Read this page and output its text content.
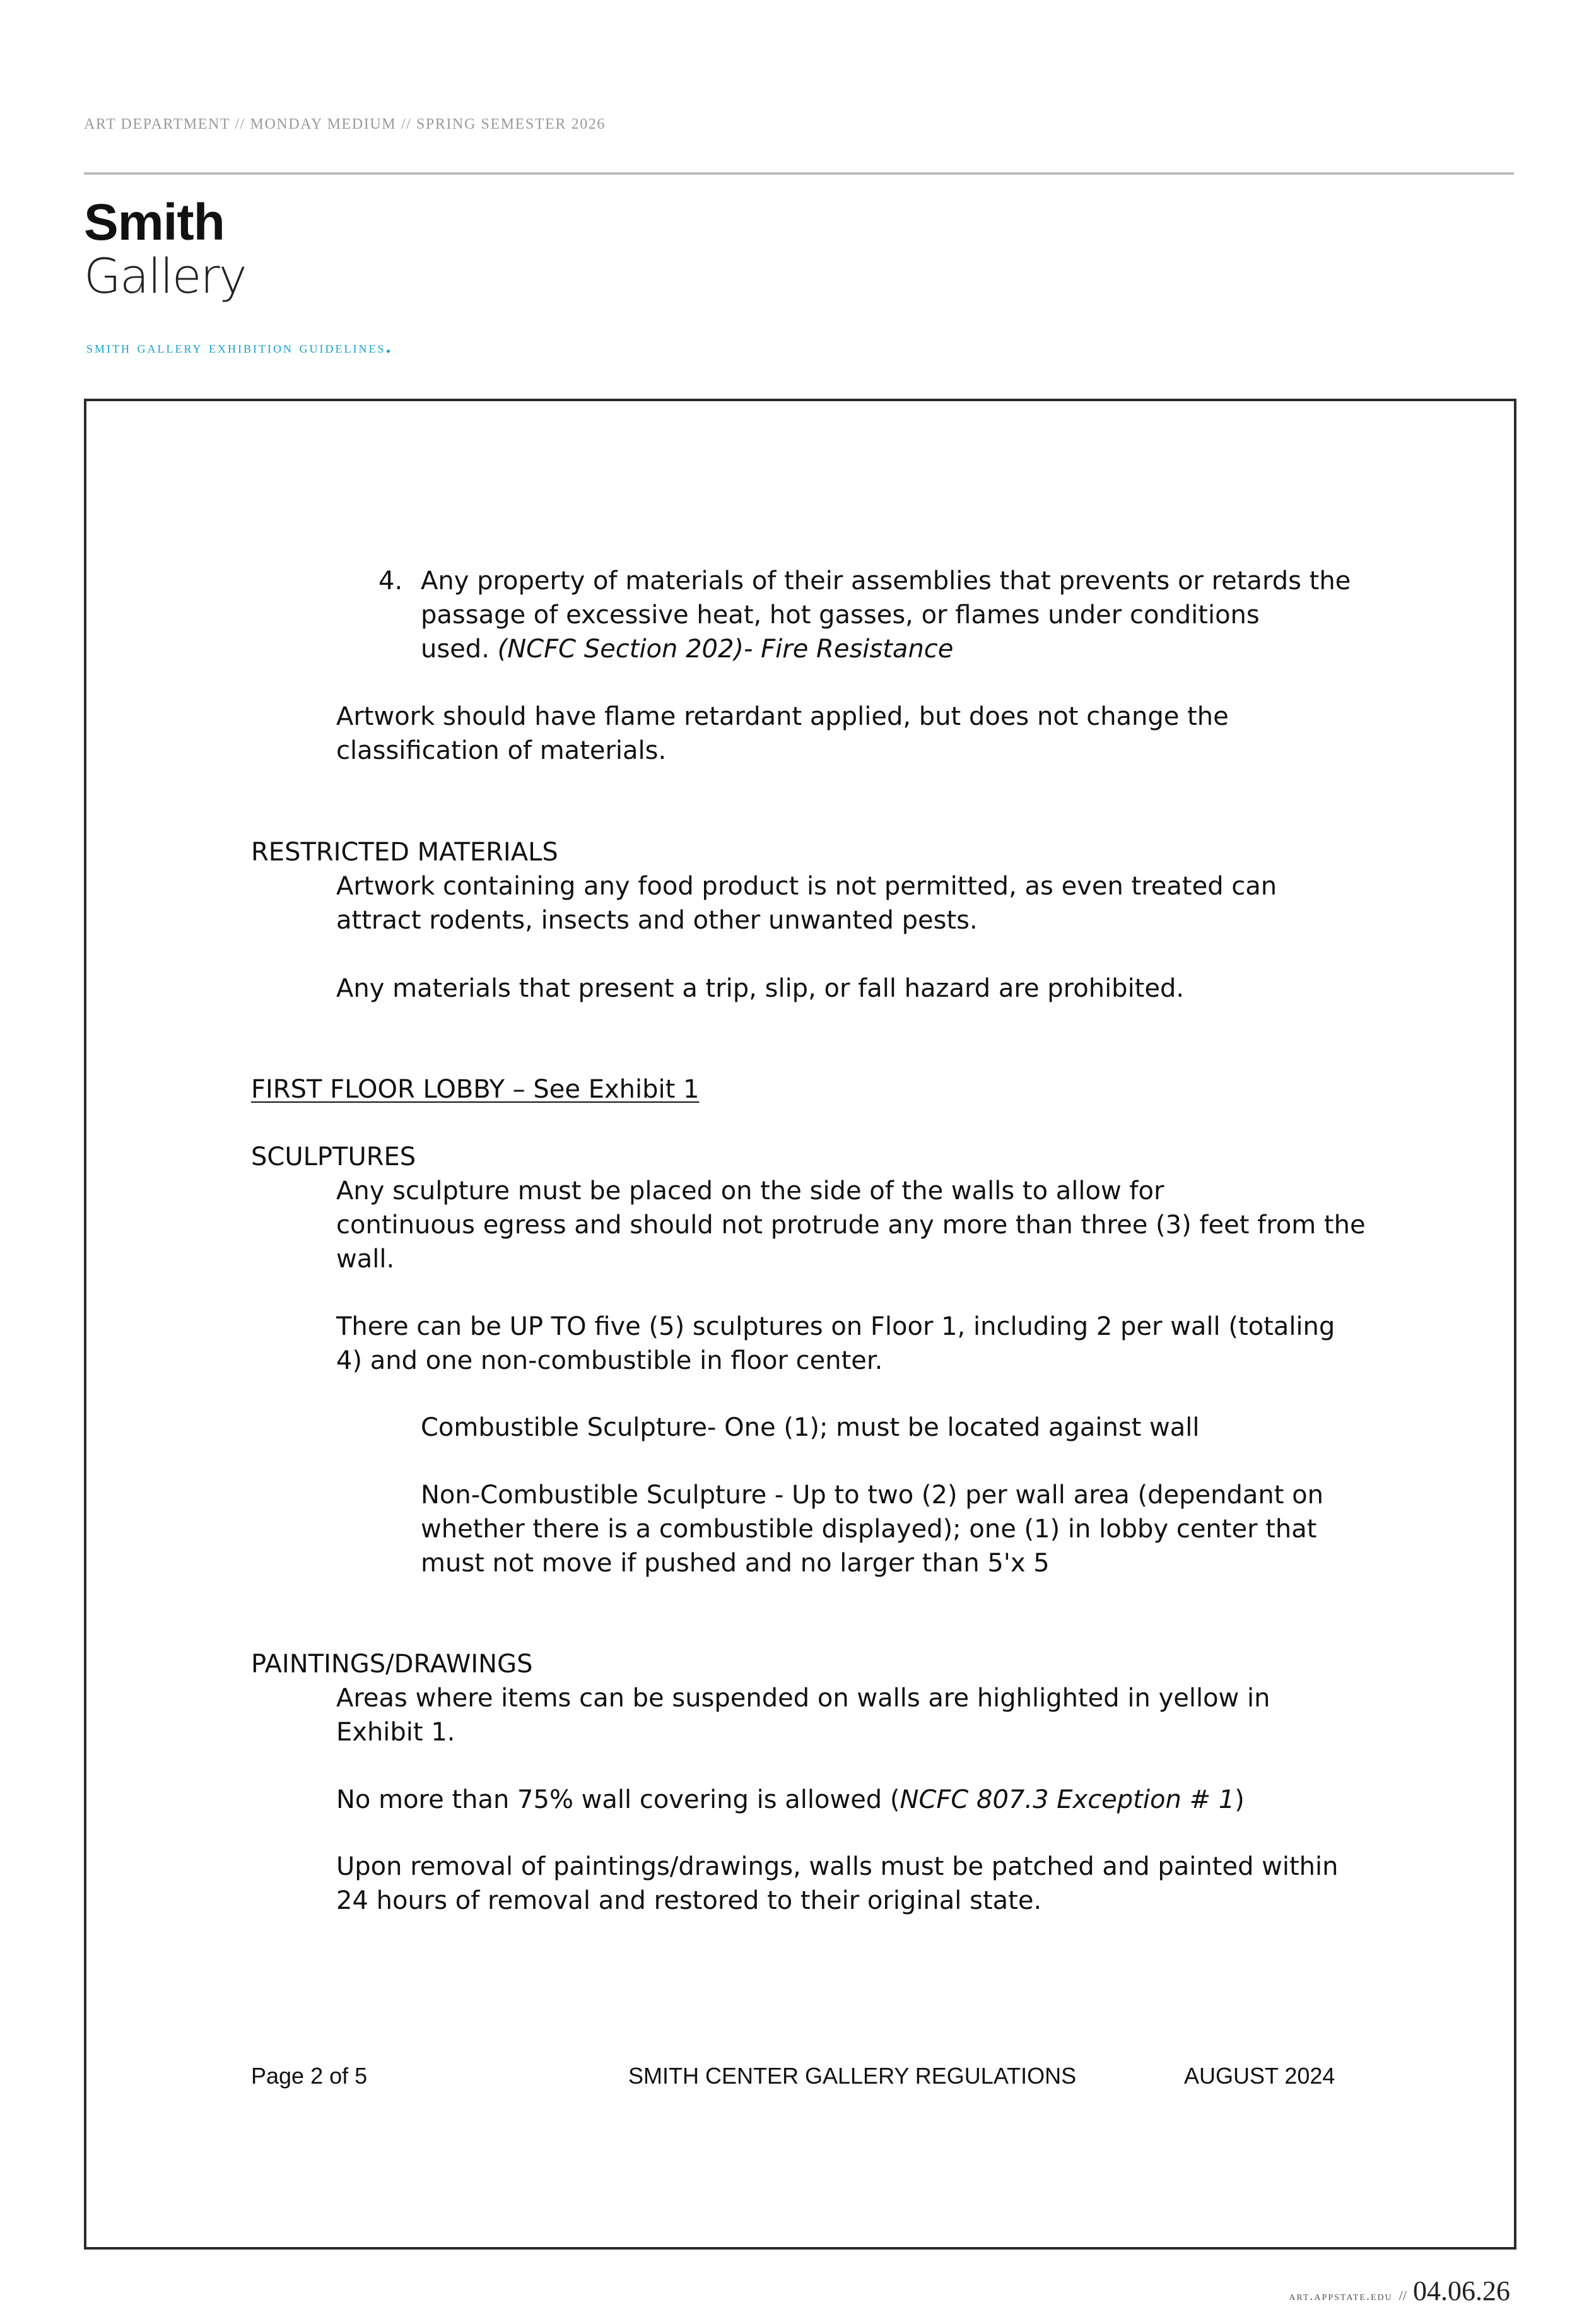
ART DEPARTMENT // MONDAY MEDIUM // SPRING SEMESTER 2026
Smith
Gallery
smith gallery exhibition guidelines.
4. Any property of materials of their assemblies that prevents or retards the

passage of excessive heat, hot gasses, or flames under conditions

used. (NCFC Section 202)- Fire Resistance

Artwork should have flame retardant applied, but does not change the

classification of materials.

RESTRICTED MATERIALS

Artwork containing any food product is not permitted, as even treated can

attract rodents, insects and other unwanted pests.

Any materials that present a trip, slip, or fall hazard are prohibited.

FIRST FLOOR LOBBY – See Exhibit 1

SCULPTURES

Any sculpture must be placed on the side of the walls to allow for

continuous egress and should not protrude any more than three (3) feet from the

wall.

There can be UP TO five (5) sculptures on Floor 1, including 2 per wall (totaling

4) and one non-combustible in floor center.

Combustible Sculpture- One (1); must be located against wall

Non-Combustible Sculpture - Up to two (2) per wall area (dependant on

whether there is a combustible displayed); one (1) in lobby center that

must not move if pushed and no larger than 5'x 5

PAINTINGS/DRAWINGS

Areas where items can be suspended on walls are highlighted in yellow in

Exhibit 1.

No more than 75% wall covering is allowed (NCFC 807.3 Exception # 1)

Upon removal of paintings/drawings, walls must be patched and painted within

24 hours of removal and restored to their original state.

Page 2 of 5	SMITH CENTER GALLERY REGULATIONS	AUGUST 2024
art.appstate.edu // 04.06.26
